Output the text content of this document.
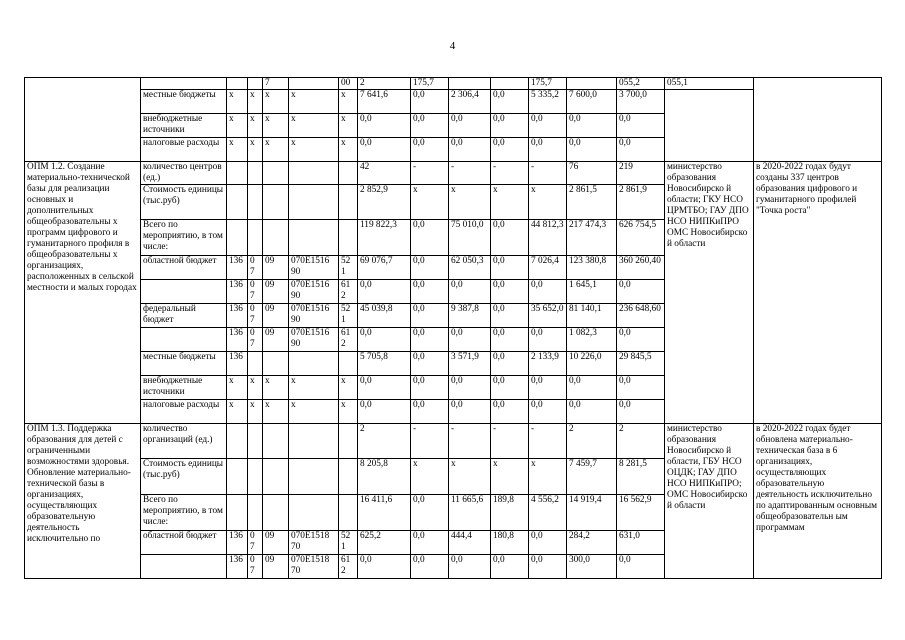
4
				7		00	2	175,7			175,7		055,2	055,1		
	местные бюджеты	x	x	x	x	x	7 641,6	0,0	2 306,4	0,0	5 335,2	7 600,0	3 700,0			
	внебюджетные источники	x	x	x	x	x	0,0	0,0	0,0	0,0	0,0	0,0	0,0			
	налоговые расходы	x	x	x	x	x	0,0	0,0	0,0	0,0	0,0	0,0	0,0			
ОПМ 1.2. Создание материально-технической базы для реализации основных и дополнительных общеобразовательны х программ цифрового и гуманитарного профиля в общеобразовательны х организациях, расположенных в сельской местности и малых городах	количество центров (ед.)						42	-	-	-	-	76	219	министерство образования Новосибирско й области; ГКУ НСО ЦРМТБО; ГАУ ДПО НСО НИПКиПРО ОМС Новосибирско й области	в 2020-2022 годах будут созданы 337 центров образования цифрового и гуманитарного профилей "Точка роста"	
	Стоимость единицы (тыс.руб)						2 852,9	x	x	x	x	2 861,5	2 861,9			
	Всего по мероприятию, в том числе:						119 822,3	0,0	75 010,0	0,0	44 812,3	217 474,3	626 754,5			
	областной бюджет	136	0 7	09	070E1516 90	52 1	69 076,7	0,0	62 050,3	0,0	7 026,4	123 380,8	360 260,40			
		136	0 7	09	070E1516 90	61 2	0,0	0,0	0,0	0,0	0,0	1 645,1	0,0			
	федеральный бюджет	136	0 7	09	070E1516 90	52 1	45 039,8	0,0	9 387,8	0,0	35 652,0	81 140,1	236 648,60			
		136	0 7	09	070E1516 90	61 2	0,0	0,0	0,0	0,0	0,0	1 082,3	0,0			
	местные бюджеты	136					5 705,8	0,0	3 571,9	0,0	2 133,9	10 226,0	29 845,5			
	внебюджетные источники	x	x	x	x	x	0,0	0,0	0,0	0,0	0,0	0,0	0,0			
	налоговые расходы	x	x	x	x	x	0,0	0,0	0,0	0,0	0,0	0,0	0,0			
ОПМ 1.3. Поддержка образования для детей с ограниченными возможностями здоровья. Обновление материально-технической базы в организациях, осуществляющих образовательную деятельность исключительно по	количество организаций (ед.)						2	-	-	-	-	2	2	министерство образования Новосибирско й области, ГБУ НСО ОЦДК; ГАУ ДПО НСО НИПКиПРО; ОМС Новосибирско й области	в 2020-2022 годах будет обновлена материально-техническая база в 6 организациях, осуществляющих образовательную деятельность исключительно по адаптированным основным общеобразовательн ым программам	
	Стоимость единицы (тыс.руб)						8 205,8	x	x	x	x	7 459,7	8 281,5			
	Всего по мероприятию, в том числе:						16 411,6	0,0	11 665,6	189,8	4 556,2	14 919,4	16 562,9			
	областной бюджет	136	0 7	09	070E1518 70	52 1	625,2	0,0	444,4	180,8	0,0	284,2	631,0			
		136	0 7	09	070E1518 70	61 2	0,0	0,0	0,0	0,0	0,0	300,0	0,0			
